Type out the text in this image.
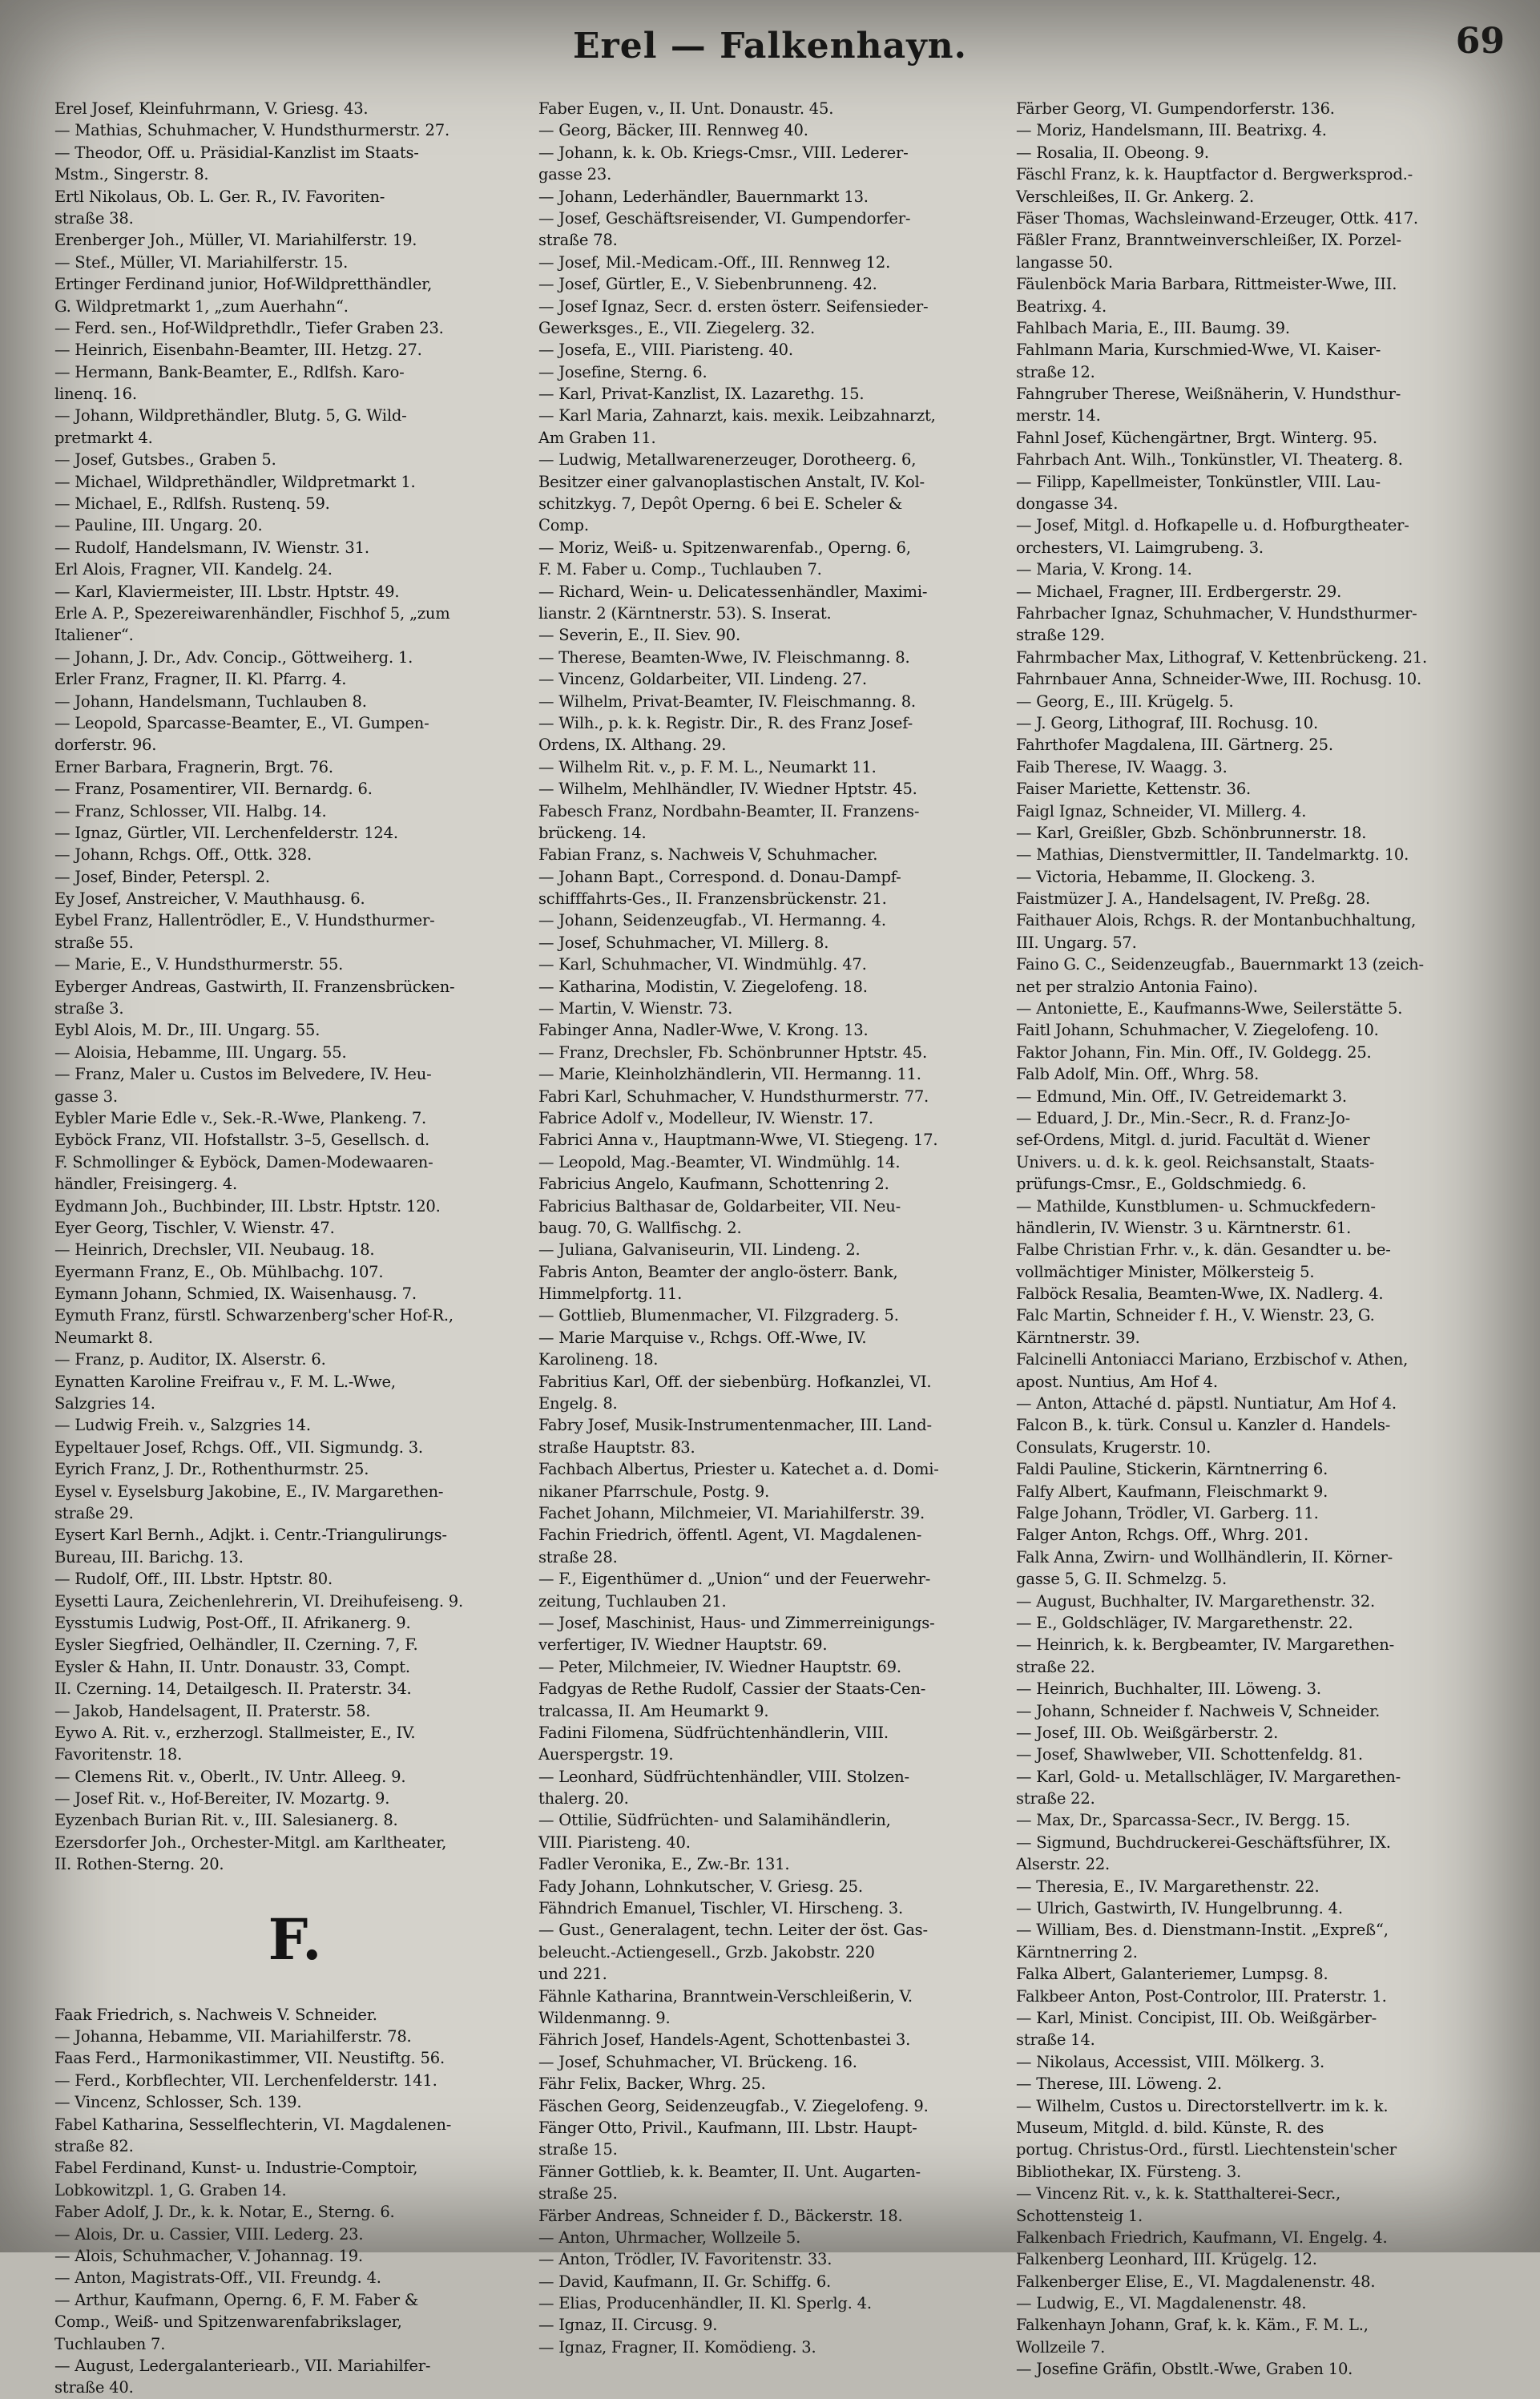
Erel — Falkenhayn.	69
Erel Josef, Kleinfuhrmann, V. Griesg. 43.
— Mathias, Schuhmacher, V. Hundsthurmerstr. 27.
— Theodor, Off. u. Präsidial-Kanzlist im Staats-
Mstm., Singerstr. 8.
Ertl Nikolaus, Ob. L. Ger. R., IV. Favoriten-
straße 38.
Erenberger Joh., Müller, VI. Mariahilferstr. 19.
— Stef., Müller, VI. Mariahilferstr. 15.
Ertinger Ferdinand junior, Hof-Wildpretthändler,
G. Wildpretmarkt 1, „zum Auerhahn“.
— Ferd. sen., Hof-Wildprethdlr., Tiefer Graben 23.
— Heinrich, Eisenbahn-Beamter, III. Hetzg. 27.
— Hermann, Bank-Beamter, E., Rdlfsh. Karo-
linenq. 16.
— Johann, Wildprethändler, Blutg. 5, G. Wild-
pretmarkt 4.
— Josef, Gutsbes., Graben 5.
— Michael, Wildprethändler, Wildpretmarkt 1.
— Michael, E., Rdlfsh. Rustenq. 59.
— Pauline, III. Ungarg. 20.
— Rudolf, Handelsmann, IV. Wienstr. 31.
Erl Alois, Fragner, VII. Kandelg. 24.
— Karl, Klaviermeister, III. Lbstr. Hptstr. 49.
Erle A. P., Spezereiwarenhändler, Fischhof 5, „zum
Italiener“.
— Johann, J. Dr., Adv. Concip., Göttweiherg. 1.
Erler Franz, Fragner, II. Kl. Pfarrg. 4.
— Johann, Handelsmann, Tuchlauben 8.
— Leopold, Sparcasse-Beamter, E., VI. Gumpen-
dorferstr. 96.
Erner Barbara, Fragnerin, Brgt. 76.
— Franz, Posamentirer, VII. Bernardg. 6.
— Franz, Schlosser, VII. Halbg. 14.
— Ignaz, Gürtler, VII. Lerchenfelderstr. 124.
— Johann, Rchgs. Off., Ottk. 328.
— Josef, Binder, Peterspl. 2.
Ey Josef, Anstreicher, V. Mauthhausg. 6.
Eybel Franz, Hallentrödler, E., V. Hundsthurmer-
straße 55.
— Marie, E., V. Hundsthurmerstr. 55.
Eyberger Andreas, Gastwirth, II. Franzensbrücken-
straße 3.
Eybl Alois, M. Dr., III. Ungarg. 55.
— Aloisia, Hebamme, III. Ungarg. 55.
— Franz, Maler u. Custos im Belvedere, IV. Heu-
gasse 3.
Eybler Marie Edle v., Sek.-R.-Wwe, Plankeng. 7.
Eyböck Franz, VII. Hofstallstr. 3–5, Gesellsch. d.
F. Schmollinger & Eyböck, Damen-Modewaaren-
händler, Freisingerg. 4.
Eydmann Joh., Buchbinder, III. Lbstr. Hptstr. 120.
Eyer Georg, Tischler, V. Wienstr. 47.
— Heinrich, Drechsler, VII. Neubaug. 18.
Eyermann Franz, E., Ob. Mühlbachg. 107.
Eymann Johann, Schmied, IX. Waisenhausg. 7.
Eymuth Franz, fürstl. Schwarzenberg'scher Hof-R.,
Neumarkt 8.
— Franz, p. Auditor, IX. Alserstr. 6.
Eynatten Karoline Freifrau v., F. M. L.-Wwe,
Salzgries 14.
— Ludwig Freih. v., Salzgries 14.
Eypeltauer Josef, Rchgs. Off., VII. Sigmundg. 3.
Eyrich Franz, J. Dr., Rothenthurmstr. 25.
Eysel v. Eyselsburg Jakobine, E., IV. Margarethen-
straße 29.
Eysert Karl Bernh., Adjkt. i. Centr.-Triangulirungs-
Bureau, III. Barichg. 13.
— Rudolf, Off., III. Lbstr. Hptstr. 80.
Eysetti Laura, Zeichenlehrerin, VI. Dreihufeiseng. 9.
Eysstumis Ludwig, Post-Off., II. Afrikanerg. 9.
Eysler Siegfried, Oelhändler, II. Czerning. 7, F.
Eysler & Hahn, II. Untr. Donaustr. 33, Compt.
II. Czerning. 14, Detailgesch. II. Praterstr. 34.
— Jakob, Handelsagent, II. Praterstr. 58.
Eywo A. Rit. v., erzherzogl. Stallmeister, E., IV.
Favoritenstr. 18.
— Clemens Rit. v., Oberlt., IV. Untr. Alleeg. 9.
— Josef Rit. v., Hof-Bereiter, IV. Mozartg. 9.
Eyzenbach Burian Rit. v., III. Salesianerg. 8.
Ezersdorfer Joh., Orchester-Mitgl. am Karltheater,
II. Rothen-Sterng. 20.
F.
Faak Friedrich, s. Nachweis V. Schneider.
— Johanna, Hebamme, VII. Mariahilferstr. 78.
Faas Ferd., Harmonikastimmer, VII. Neustiftg. 56.
— Ferd., Korbflechter, VII. Lerchenfelderstr. 141.
— Vincenz, Schlosser, Sch. 139.
Fabel Katharina, Sesselflechterin, VI. Magdalenen-
straße 82.
Fabel Ferdinand, Kunst- u. Industrie-Comptoir,
Lobkowitzpl. 1, G. Graben 14.
Faber Adolf, J. Dr., k. k. Notar, E., Sterng. 6.
— Alois, Dr. u. Cassier, VIII. Lederg. 23.
— Alois, Schuhmacher, V. Johannag. 19.
— Anton, Magistrats-Off., VII. Freundg. 4.
— Arthur, Kaufmann, Operng. 6, F. M. Faber &
Comp., Weiß- und Spitzenwarenfabrikslager,
Tuchlauben 7.
— August, Ledergalanteriearb., VII. Mariahilfer-
straße 40.
Faber Eugen, v., II. Unt. Donaustr. 45.
— Georg, Bäcker, III. Rennweg 40.
— Johann, k. k. Ob. Kriegs-Cmsr., VIII. Lederer-
gasse 23.
— Johann, Lederhändler, Bauernmarkt 13.
— Josef, Geschäftsreisender, VI. Gumpendorfer-
straße 78.
— Josef, Mil.-Medicam.-Off., III. Rennweg 12.
— Josef, Gürtler, E., V. Siebenbrunneng. 42.
— Josef Ignaz, Secr. d. ersten österr. Seifensieder-
Gewerksges., E., VII. Ziegelerg. 32.
— Josefa, E., VIII. Piaristeng. 40.
— Josefine, Sterng. 6.
— Karl, Privat-Kanzlist, IX. Lazarethg. 15.
— Karl Maria, Zahnarzt, kais. mexik. Leibzahnarzt,
Am Graben 11.
— Ludwig, Metallwarenerzeuger, Dorotheerg. 6,
Besitzer einer galvanoplastischen Anstalt, IV. Kol-
schitzkyg. 7, Depôt Operng. 6 bei E. Scheler &
Comp.
— Moriz, Weiß- u. Spitzenwarenfab., Operng. 6,
F. M. Faber u. Comp., Tuchlauben 7.
— Richard, Wein- u. Delicatessenhändler, Maximi-
lianstr. 2 (Kärntnerstr. 53). S. Inserat.
— Severin, E., II. Siev. 90.
— Therese, Beamten-Wwe, IV. Fleischmanng. 8.
— Vincenz, Goldarbeiter, VII. Lindeng. 27.
— Wilhelm, Privat-Beamter, IV. Fleischmanng. 8.
— Wilh., p. k. k. Registr. Dir., R. des Franz Josef-
Ordens, IX. Althang. 29.
— Wilhelm Rit. v., p. F. M. L., Neumarkt 11.
— Wilhelm, Mehlhändler, IV. Wiedner Hptstr. 45.
Fabesch Franz, Nordbahn-Beamter, II. Franzens-
brückeng. 14.
Fabian Franz, s. Nachweis V, Schuhmacher.
— Johann Bapt., Correspond. d. Donau-Dampf-
schifffahrts-Ges., II. Franzensbrückenstr. 21.
— Johann, Seidenzeugfab., VI. Hermanng. 4.
— Josef, Schuhmacher, VI. Millerg. 8.
— Karl, Schuhmacher, VI. Windmühlg. 47.
— Katharina, Modistin, V. Ziegelofeng. 18.
— Martin, V. Wienstr. 73.
Fabinger Anna, Nadler-Wwe, V. Krong. 13.
— Franz, Drechsler, Fb. Schönbrunner Hptstr. 45.
— Marie, Kleinholzhändlerin, VII. Hermanng. 11.
Fabri Karl, Schuhmacher, V. Hundsthurmerstr. 77.
Fabrice Adolf v., Modelleur, IV. Wienstr. 17.
Fabrici Anna v., Hauptmann-Wwe, VI. Stiegeng. 17.
— Leopold, Mag.-Beamter, VI. Windmühlg. 14.
Fabricius Angelo, Kaufmann, Schottenring 2.
Fabricius Balthasar de, Goldarbeiter, VII. Neu-
baug. 70, G. Wallfischg. 2.
— Juliana, Galvaniseurin, VII. Lindeng. 2.
Fabris Anton, Beamter der anglo-österr. Bank,
Himmelpfortg. 11.
— Gottlieb, Blumenmacher, VI. Filzgraderg. 5.
— Marie Marquise v., Rchgs. Off.-Wwe, IV.
Karolineng. 18.
Fabritius Karl, Off. der siebenbürg. Hofkanzlei, VI.
Engelg. 8.
Fabry Josef, Musik-Instrumentenmacher, III. Land-
straße Hauptstr. 83.
Fachbach Albertus, Priester u. Katechet a. d. Domi-
nikaner Pfarrschule, Postg. 9.
Fachet Johann, Milchmeier, VI. Mariahilferstr. 39.
Fachin Friedrich, öffentl. Agent, VI. Magdalenen-
straße 28.
— F., Eigenthümer d. „Union“ und der Feuerwehr-
zeitung, Tuchlauben 21.
— Josef, Maschinist, Haus- und Zimmerreinigungs-
verfertiger, IV. Wiedner Hauptstr. 69.
— Peter, Milchmeier, IV. Wiedner Hauptstr. 69.
Fadgyas de Rethe Rudolf, Cassier der Staats-Cen-
tralcassa, II. Am Heumarkt 9.
Fadini Filomena, Südfrüchtenhändlerin, VIII.
Auerspergstr. 19.
— Leonhard, Südfrüchtenhändler, VIII. Stolzen-
thalerg. 20.
— Ottilie, Südfrüchten- und Salamihändlerin,
VIII. Piaristeng. 40.
Fadler Veronika, E., Zw.-Br. 131.
Fady Johann, Lohnkutscher, V. Griesg. 25.
Fähndrich Emanuel, Tischler, VI. Hirscheng. 3.
— Gust., Generalagent, techn. Leiter der öst. Gas-
beleucht.-Actiengesell., Grzb. Jakobstr. 220
und 221.
Fähnle Katharina, Branntwein-Verschleißerin, V.
Wildenmanng. 9.
Fährich Josef, Handels-Agent, Schottenbastei 3.
— Josef, Schuhmacher, VI. Brückeng. 16.
Fähr Felix, Backer, Whrg. 25.
Fäschen Georg, Seidenzeugfab., V. Ziegelofeng. 9.
Fänger Otto, Privil., Kaufmann, III. Lbstr. Haupt-
straße 15.
Fänner Gottlieb, k. k. Beamter, II. Unt. Augarten-
straße 25.
Färber Andreas, Schneider f. D., Bäckerstr. 18.
— Anton, Uhrmacher, Wollzeile 5.
— Anton, Trödler, IV. Favoritenstr. 33.
— David, Kaufmann, II. Gr. Schiffg. 6.
— Elias, Producenhändler, II. Kl. Sperlg. 4.
— Ignaz, II. Circusg. 9.
— Ignaz, Fragner, II. Komödieng. 3.
Färber Georg, VI. Gumpendorferstr. 136.
— Moriz, Handelsmann, III. Beatrixg. 4.
— Rosalia, II. Obeong. 9.
Fäschl Franz, k. k. Hauptfactor d. Bergwerksprod.-
Verschleißes, II. Gr. Ankerg. 2.
Fäser Thomas, Wachsleinwand-Erzeuger, Ottk. 417.
Fäßler Franz, Branntweinverschleißer, IX. Porzel-
langasse 50.
Fäulenböck Maria Barbara, Rittmeister-Wwe, III.
Beatrixg. 4.
Fahlbach Maria, E., III. Baumg. 39.
Fahlmann Maria, Kurschmied-Wwe, VI. Kaiser-
straße 12.
Fahngruber Therese, Weißnäherin, V. Hundsthur-
merstr. 14.
Fahnl Josef, Küchengärtner, Brgt. Winterg. 95.
Fahrbach Ant. Wilh., Tonkünstler, VI. Theaterg. 8.
— Filipp, Kapellmeister, Tonkünstler, VIII. Lau-
dongasse 34.
— Josef, Mitgl. d. Hofkapelle u. d. Hofburgtheater-
orchesters, VI. Laimgrubeng. 3.
— Maria, V. Krong. 14.
— Michael, Fragner, III. Erdbergerstr. 29.
Fahrbacher Ignaz, Schuhmacher, V. Hundsthurmer-
straße 129.
Fahrmbacher Max, Lithograf, V. Kettenbrückeng. 21.
Fahrnbauer Anna, Schneider-Wwe, III. Rochusg. 10.
— Georg, E., III. Krügelg. 5.
— J. Georg, Lithograf, III. Rochusg. 10.
Fahrthofer Magdalena, III. Gärtnerg. 25.
Faib Therese, IV. Waagg. 3.
Faiser Mariette, Kettenstr. 36.
Faigl Ignaz, Schneider, VI. Millerg. 4.
— Karl, Greißler, Gbzb. Schönbrunnerstr. 18.
— Mathias, Dienstvermittler, II. Tandelmarktg. 10.
— Victoria, Hebamme, II. Glockeng. 3.
Faistmüzer J. A., Handelsagent, IV. Preßg. 28.
Faithauer Alois, Rchgs. R. der Montanbuchhaltung,
III. Ungarg. 57.
Faino G. C., Seidenzeugfab., Bauernmarkt 13 (zeich-
net per stralzio Antonia Faino).
— Antoniette, E., Kaufmanns-Wwe, Seilerstätte 5.
Faitl Johann, Schuhmacher, V. Ziegelofeng. 10.
Faktor Johann, Fin. Min. Off., IV. Goldegg. 25.
Falb Adolf, Min. Off., Whrg. 58.
— Edmund, Min. Off., IV. Getreidemarkt 3.
— Eduard, J. Dr., Min.-Secr., R. d. Franz-Jo-
sef-Ordens, Mitgl. d. jurid. Facultät d. Wiener
Univers. u. d. k. k. geol. Reichsanstalt, Staats-
prüfungs-Cmsr., E., Goldschmiedg. 6.
— Mathilde, Kunstblumen- u. Schmuckfedern-
händlerin, IV. Wienstr. 3 u. Kärntnerstr. 61.
Falbe Christian Frhr. v., k. dän. Gesandter u. be-
vollmächtiger Minister, Mölkersteig 5.
Falböck Resalia, Beamten-Wwe, IX. Nadlerg. 4.
Falc Martin, Schneider f. H., V. Wienstr. 23, G.
Kärntnerstr. 39.
Falcinelli Antoniacci Mariano, Erzbischof v. Athen,
apost. Nuntius, Am Hof 4.
— Anton, Attaché d. päpstl. Nuntiatur, Am Hof 4.
Falcon B., k. türk. Consul u. Kanzler d. Handels-
Consulats, Krugerstr. 10.
Faldi Pauline, Stickerin, Kärntnerring 6.
Falfy Albert, Kaufmann, Fleischmarkt 9.
Falge Johann, Trödler, VI. Garberg. 11.
Falger Anton, Rchgs. Off., Whrg. 201.
Falk Anna, Zwirn- und Wollhändlerin, II. Körner-
gasse 5, G. II. Schmelzg. 5.
— August, Buchhalter, IV. Margarethenstr. 32.
— E., Goldschläger, IV. Margarethenstr. 22.
— Heinrich, k. k. Bergbeamter, IV. Margarethen-
straße 22.
— Heinrich, Buchhalter, III. Löweng. 3.
— Johann, Schneider f. Nachweis V, Schneider.
— Josef, III. Ob. Weißgärberstr. 2.
— Josef, Shawlweber, VII. Schottenfeldg. 81.
— Karl, Gold- u. Metallschläger, IV. Margarethen-
straße 22.
— Max, Dr., Sparcassa-Secr., IV. Bergg. 15.
— Sigmund, Buchdruckerei-Geschäftsführer, IX.
Alserstr. 22.
— Theresia, E., IV. Margarethenstr. 22.
— Ulrich, Gastwirth, IV. Hungelbrunng. 4.
— William, Bes. d. Dienstmann-Instit. „Expreß“,
Kärntnerring 2.
Falka Albert, Galanteriemer, Lumpsg. 8.
Falkbeer Anton, Post-Controlor, III. Praterstr. 1.
— Karl, Minist. Concipist, III. Ob. Weißgärber-
straße 14.
— Nikolaus, Accessist, VIII. Mölkerg. 3.
— Therese, III. Löweng. 2.
— Wilhelm, Custos u. Directorstellvertr. im k. k.
Museum, Mitgld. d. bild. Künste, R. des
portug. Christus-Ord., fürstl. Liechtenstein'scher
Bibliothekar, IX. Fürsteng. 3.
— Vincenz Rit. v., k. k. Statthalterei-Secr.,
Schottensteig 1.
Falkenbach Friedrich, Kaufmann, VI. Engelg. 4.
Falkenberg Leonhard, III. Krügelg. 12.
Falkenberger Elise, E., VI. Magdalenenstr. 48.
— Ludwig, E., VI. Magdalenenstr. 48.
Falkenhayn Johann, Graf, k. k. Käm., F. M. L.,
Wollzeile 7.
— Josefine Gräfin, Obstlt.-Wwe, Graben 10.
